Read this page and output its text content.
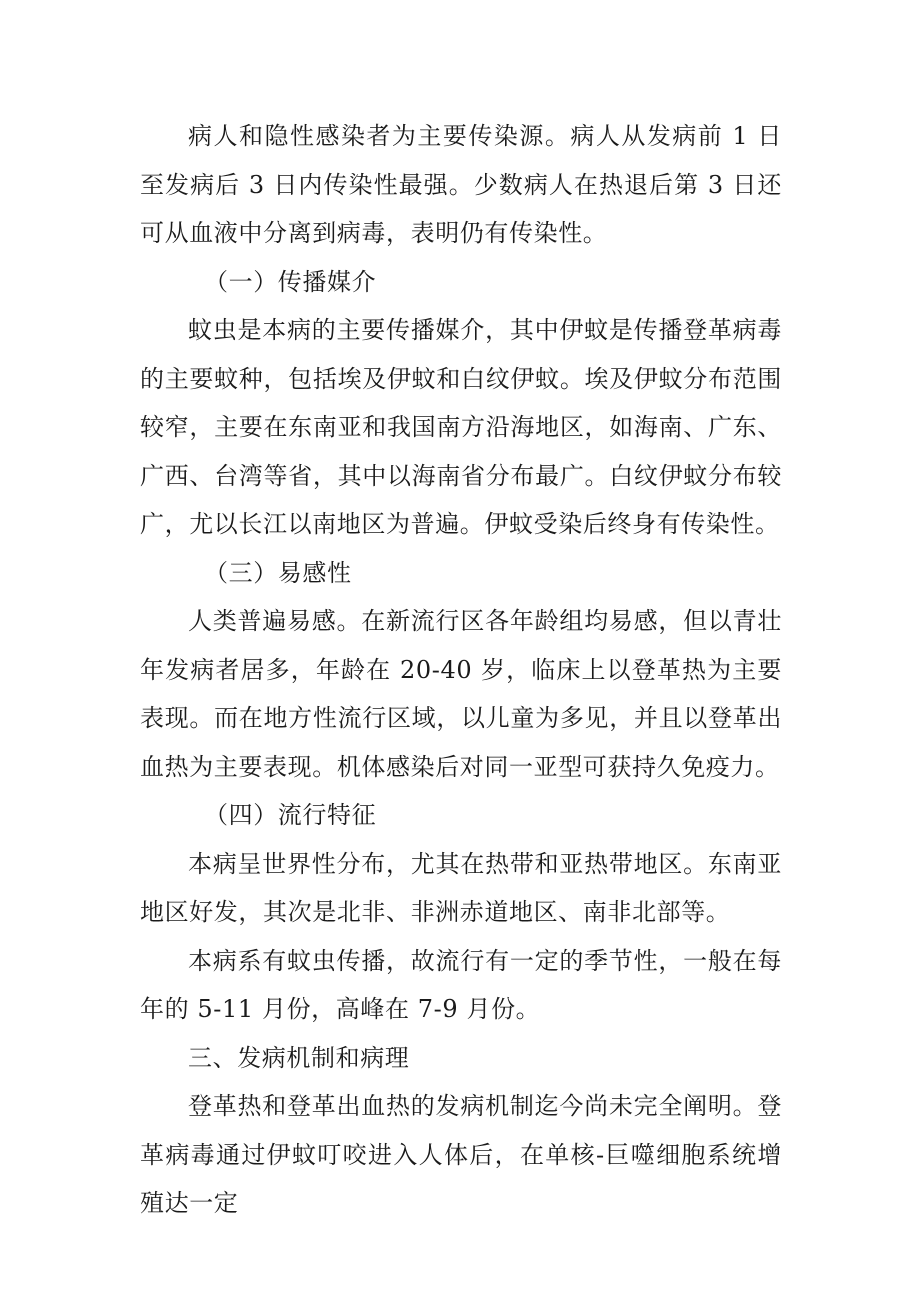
病人和隐性感染者为主要传染源。病人从发病前 1 日至发病后 3 日内传染性最强。少数病人在热退后第 3 日还可从血液中分离到病毒，表明仍有传染性。

（一）传播媒介

蚊虫是本病的主要传播媒介，其中伊蚊是传播登革病毒的主要蚊种，包括埃及伊蚊和白纹伊蚊。埃及伊蚊分布范围较窄，主要在东南亚和我国南方沿海地区，如海南、广东、广西、台湾等省，其中以海南省分布最广。白纹伊蚊分布较广，尤以长江以南地区为普遍。伊蚊受染后终身有传染性。

（三）易感性

人类普遍易感。在新流行区各年龄组均易感，但以青壮年发病者居多，年龄在 20-40 岁，临床上以登革热为主要表现。而在地方性流行区域，以儿童为多见，并且以登革出血热为主要表现。机体感染后对同一亚型可获持久免疫力。

（四）流行特征

本病呈世界性分布，尤其在热带和亚热带地区。东南亚地区好发，其次是北非、非洲赤道地区、南非北部等。

本病系有蚊虫传播，故流行有一定的季节性，一般在每年的 5-11 月份，高峰在 7-9 月份。

三、发病机制和病理

登革热和登革出血热的发病机制迄今尚未完全阐明。登革病毒通过伊蚊叮咬进入人体后，在单核-巨噬细胞系统增殖达一定
